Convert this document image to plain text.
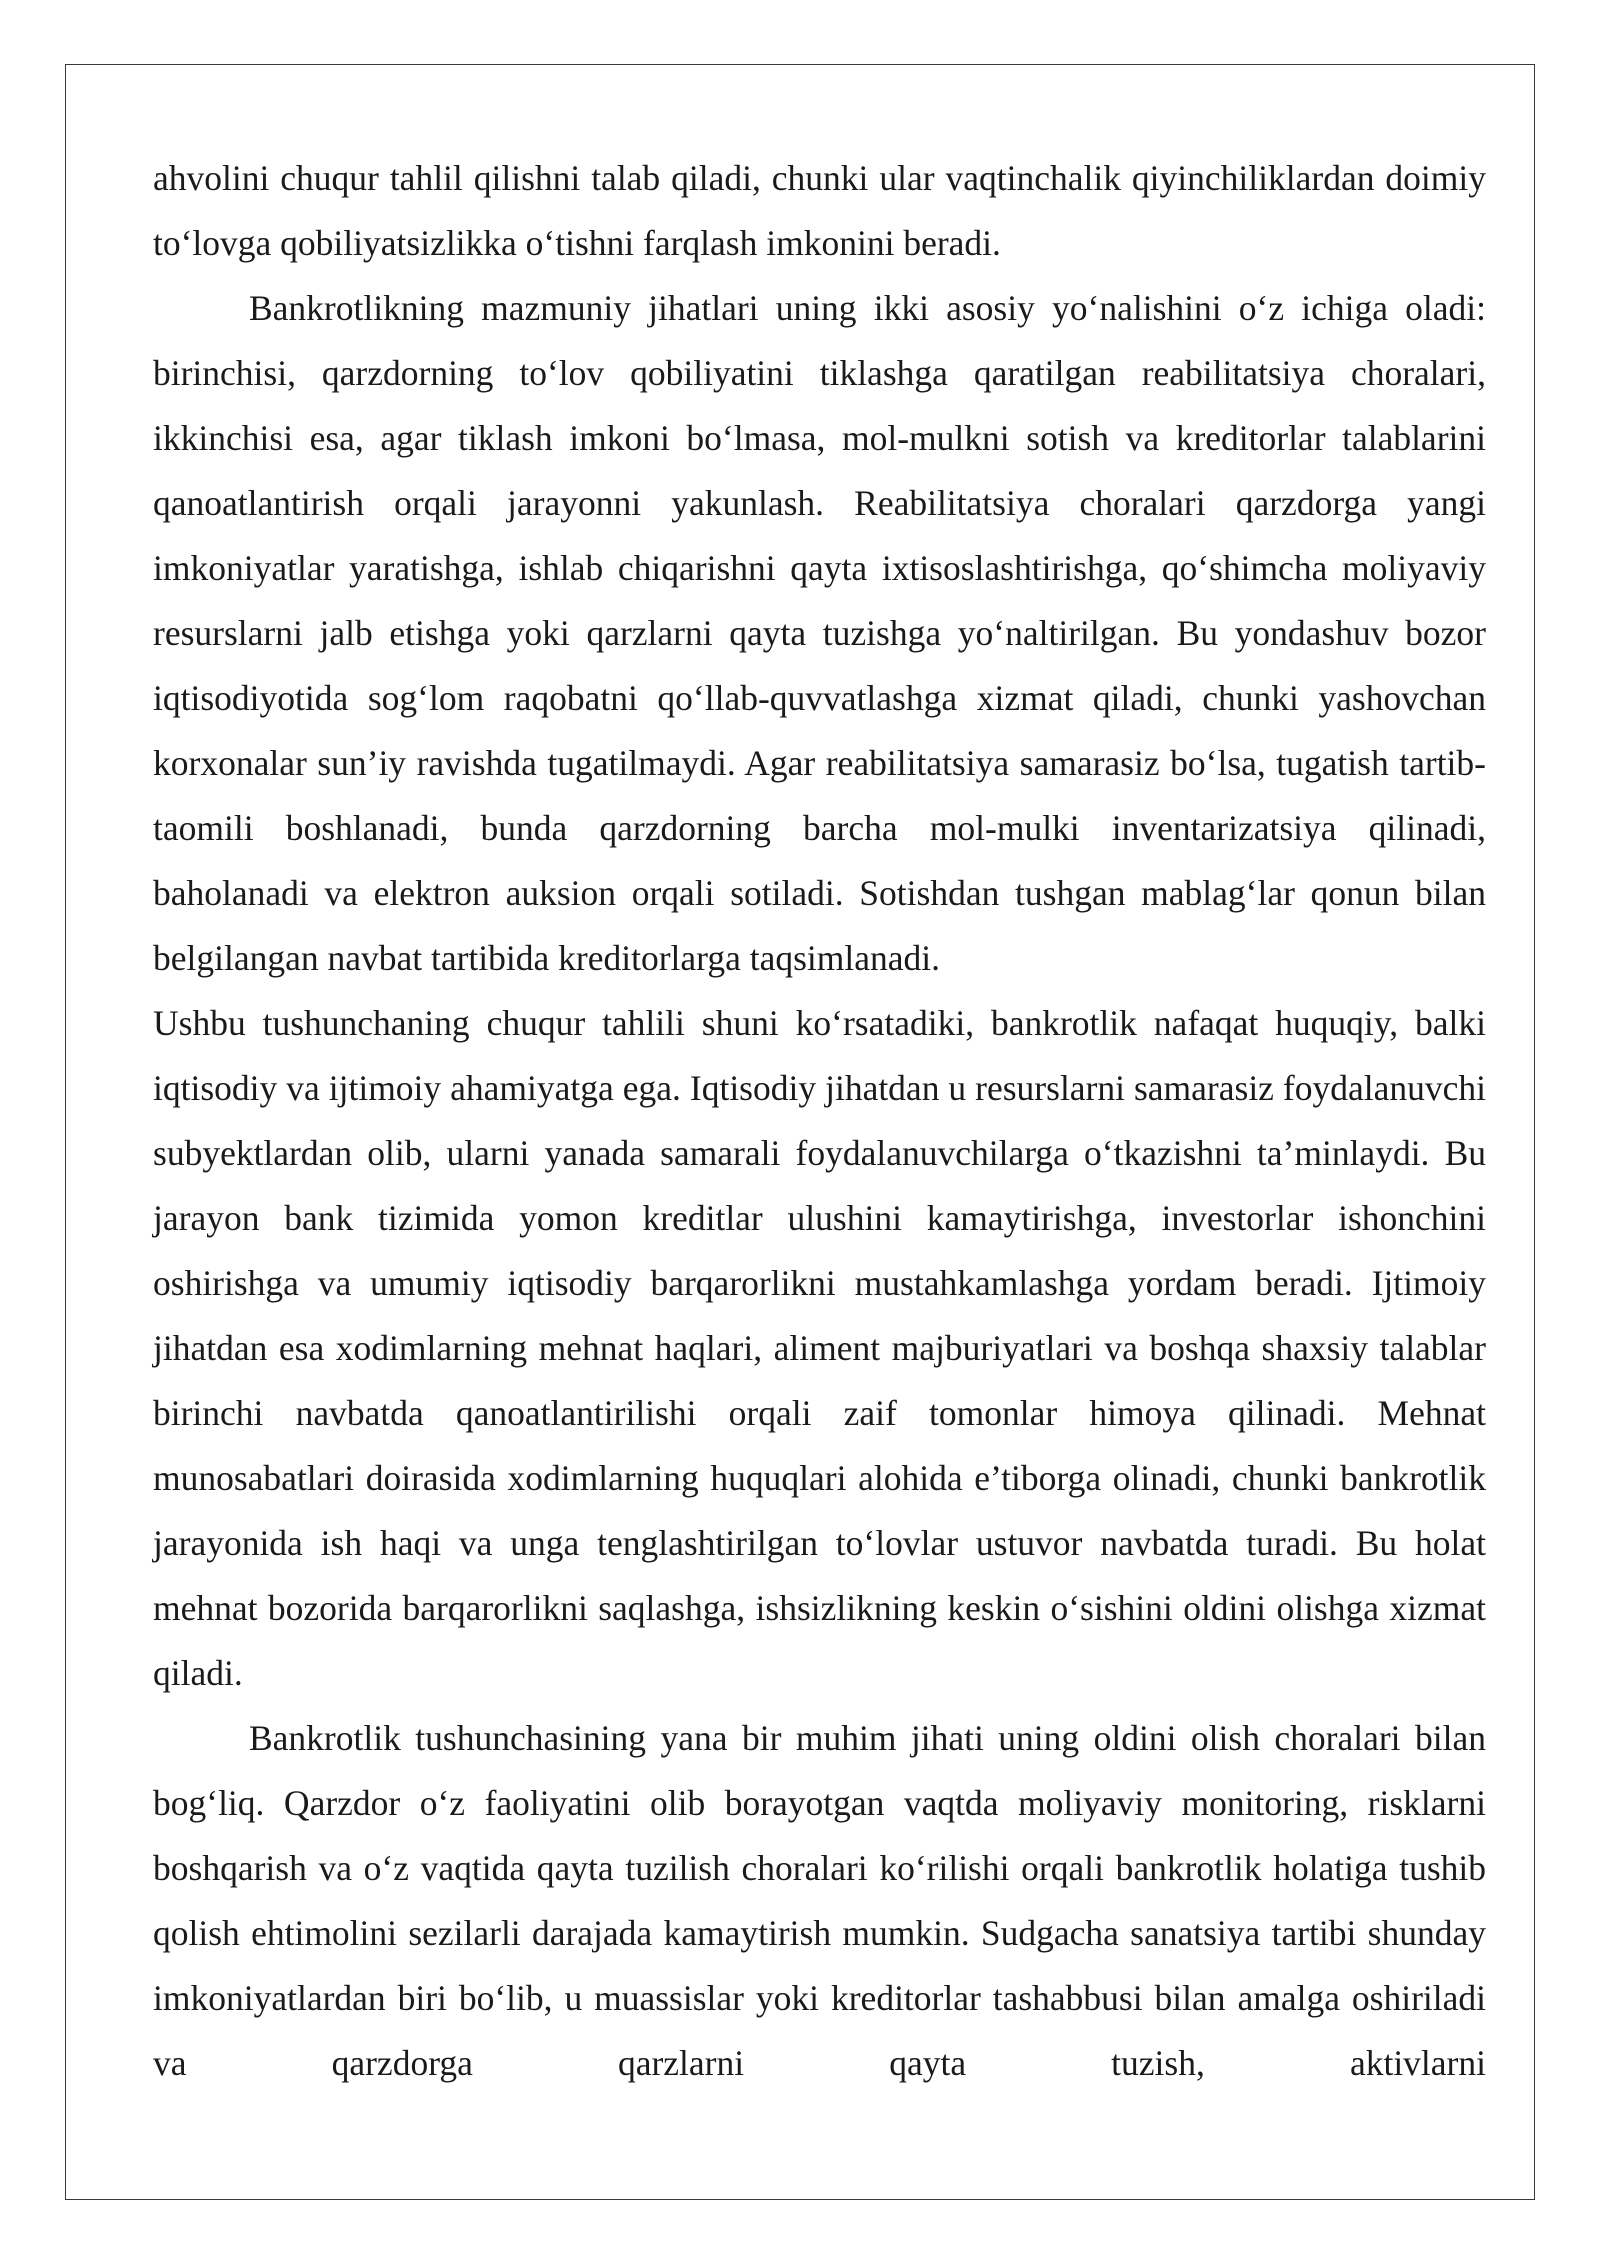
ahvolini chuqur tahlil qilishni talab qiladi, chunki ular vaqtinchalik qiyinchiliklardan doimiy to‘lovga qobiliyatsizlikka o‘tishni farqlash imkonini beradi.

Bankrotlikning mazmuniy jihatlari uning ikki asosiy yo‘nalishini o‘z ichiga oladi: birinchisi, qarzdorning to‘lov qobiliyatini tiklashga qaratilgan reabilitatsiya choralari, ikkinchisi esa, agar tiklash imkoni bo‘lmasa, mol-mulkni sotish va kreditorlar talablarini qanoatlantirish orqali jarayonni yakunlash. Reabilitatsiya choralari qarzdorga yangi imkoniyatlar yaratishga, ishlab chiqarishni qayta ixtisoslashtirishga, qo‘shimcha moliyaviy resurslarni jalb etishga yoki qarzlarni qayta tuzishga yo‘naltirilgan. Bu yondashuv bozor iqtisodiyotida sog‘lom raqobatni qo‘llab-quvvatlashga xizmat qiladi, chunki yashovchan korxonalar sun’iy ravishda tugatilmaydi. Agar reabilitatsiya samarasiz bo‘lsa, tugatish tartib-taomili boshlanadi, bunda qarzdorning barcha mol-mulki inventarizatsiya qilinadi, baholanadi va elektron auksion orqali sotiladi. Sotishdan tushgan mablag‘lar qonun bilan belgilangan navbat tartibida kreditorlarga taqsimlanadi.

Ushbu tushunchaning chuqur tahlili shuni ko‘rsatadiki, bankrotlik nafaqat huquqiy, balki iqtisodiy va ijtimoiy ahamiyatga ega. Iqtisodiy jihatdan u resurslarni samarasiz foydalanuvchi subyektlardan olib, ularni yanada samarali foydalanuvchilarga o‘tkazishni ta’minlaydi. Bu jarayon bank tizimida yomon kreditlar ulushini kamaytirishga, investorlar ishonchini oshirishga va umumiy iqtisodiy barqarorlikni mustahkamlashga yordam beradi. Ijtimoiy jihatdan esa xodimlarning mehnat haqlari, aliment majburiyatlari va boshqa shaxsiy talablar birinchi navbatda qanoatlantirilishi orqali zaif tomonlar himoya qilinadi. Mehnat munosabatlari doirasida xodimlarning huquqlari alohida e’tiborga olinadi, chunki bankrotlik jarayonida ish haqi va unga tenglashtirilgan to‘lovlar ustuvor navbatda turadi. Bu holat mehnat bozorida barqarorlikni saqlashga, ishsizlikning keskin o‘sishini oldini olishga xizmat qiladi.

Bankrotlik tushunchasining yana bir muhim jihati uning oldini olish choralari bilan bog‘liq. Qarzdor o‘z faoliyatini olib borayotgan vaqtda moliyaviy monitoring, risklarni boshqarish va o‘z vaqtida qayta tuzilish choralari ko‘rilishi orqali bankrotlik holatiga tushib qolish ehtimolini sezilarli darajada kamaytirish mumkin. Sudgacha sanatsiya tartibi shunday imkoniyatlardan biri bo‘lib, u muassislar yoki kreditorlar tashabbusi bilan amalga oshiriladi va qarzdorga qarzlarni qayta tuzish, aktivlarni
